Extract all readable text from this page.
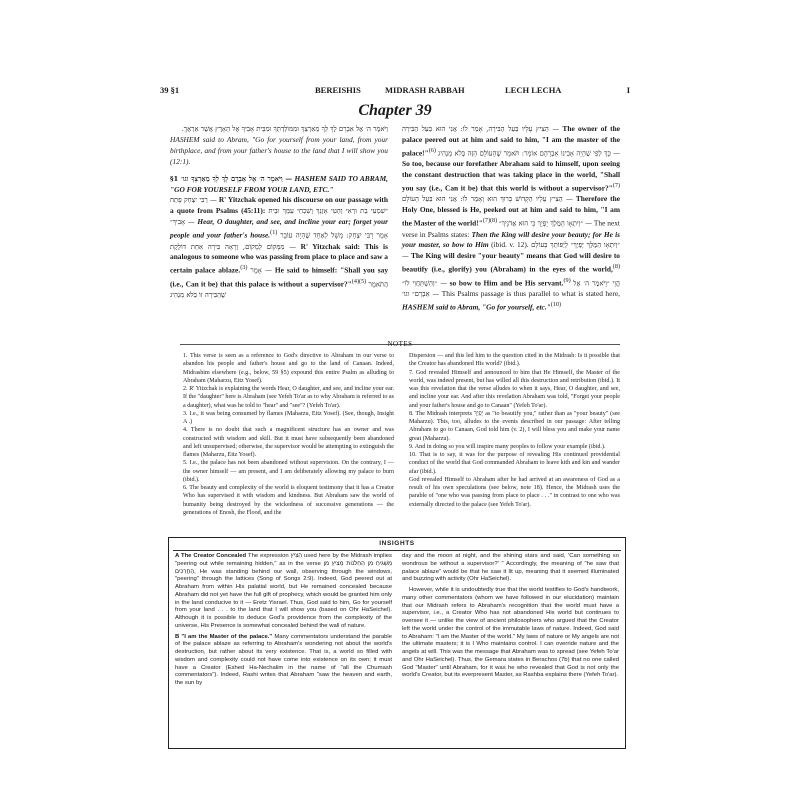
39 §1	BEREISHIS	MIDRASH RABBAH	LECH LECHA	I
Chapter 39
וַיֹּאמֶר ה׳ אֶל אַבְרָם לֶךְ לְךָ מֵאַרְצְךָ וּמִמּוֹלַדְתְּךָ וּמִבֵּית אָבִיךָ אֶל הָאָרֶץ אֲשֶׁר אַרְאֶךָּ.
HASHEM said to Abram, "Go for yourself from your land, from your birthplace, and from your father's house to the land that I will show you (12:1).
§1 וַיֹּאמֶר ה׳ אֶל אַבְרָם לֶךְ לְךָ מֵאַרְצְךָ וגו׳ — HASHEM SAID TO ABRAM, "GO FOR YOURSELF FROM YOUR LAND, ETC."
רַבִּי יִצְחָק פָּתַח — R' Yitzchak opened his discourse on our passage with a quote from Psalms (45:11): ״שִׁמְעִי בַת וּרְאִי וְהַטִּי אָזְנֵךְ וְשִׁכְחִי עַמֵּךְ וּבֵית אָבִיךְ״ — Hear, O daughter, and see, and incline your ear; forget your people and your father's house.$^{(1)}$ אָמַר רַבִּי יִצְחָק: מָשָׁל לְאֶחָד שֶׁהָיָה עוֹבֵר מִמָּקוֹם לְמָקוֹם, וְרָאָה בִּירָה אַחַת דּוֹלֶקֶת — R' Yitzchak said: This is analogous to someone who was passing from place to place and saw a certain palace ablaze.$^{(3)}$ אָמַר — He said to himself: "Shall you say (i.e., Can it be) that this palace is without a supervisor?"$^{(4)(5)}$ הֲתֹאמַר שֶׁהַבִּירָה זוֹ בְּלֹא מַנְהִיג
הֵצִיץ עָלָיו בַּעַל הַבִּירָה, אָמַר לוֹ: אֲנִי הוּא בַּעַל הַבִּירָה — The owner of the palace peered out at him and said to him, "I am the master of the palace!"$^{(6)}$ כָּךְ לְפִי שֶׁהָיָה אָבִינוּ אַבְרָהָם אוֹמֵר: תֹּאמַר שֶׁהָעוֹלָם הַזֶּה בְּלֹא מַנְהִיג — So too, because our forefather Abraham said to himself, upon seeing the constant destruction that was taking place in the world, "Shall you say (i.e., Can it be) that this world is without a supervisor?"$^{(7)}$ הֵצִיץ עָלָיו הַקָּדוֹשׁ בָּרוּךְ הוּא וְאָמַר לוֹ: אֲנִי הוּא בַּעַל הָעוֹלָם — Therefore the Holy One, blessed is He, peeked out at him and said to him, "I am the Master of the world!"$^{(7)(8)}$ ״וְיִתְאָו הַמֶּלֶךְ יָפְיֵךְ כִּי הוּא אֲדֹנַיִךְ״ — The next verse in Psalms states: Then the King will desire your beauty; for He is your master, so bow to Him (ibid. v. 12). ״וְיִתְאָו הַמֶּלֶךְ יָפְיֵךְ״ לְיַפּוֹתֵךְ בָּעוֹלָם — The King will desire "your beauty" means that God will desire to beautify (i.e., glorify) you (Abraham) in the eyes of the world,$^{(8)}$ ״וְהִשְׁתַּחֲוִי לוֹ״ — so bow to Him and be His servant.$^{(9)}$ הֱוֵי ״וַיֹּאמֶר ה׳ אֶל אַבְרָם״ וגו׳ — This Psalms passage is thus parallel to what is stated here, HASHEM said to Abram, "Go for yourself, etc."$^{(10)}$
NOTES

1. This verse is seen as a reference to God's directive to Abraham in our verse to abandon his people and father's house and go to the land of Canaan. Indeed, Midrashim elsewhere (e.g., below, 59 §5) expound this entire Psalm as alluding to Abraham (Maharzu, Eitz Yosef).

2. R' Yitzchak is explaining the words Hear, O daughter, and see, and incline your ear. If the "daughter" here is Abraham (see Yefeh To'ar as to why Abraham is referred to as a daughter), what was he told to "hear" and "see"? (Yefeh To'ar).

3. I.e., it was being consumed by flames (Maharzu, Eitz Yosef). (See, though, Insight A .)

4. There is no doubt that such a magnificent structure has an owner and was constructed with wisdom and skill. But it must have subsequently been abandoned and left unsupervised; otherwise, the supervisor would be attempting to extinguish the flames (Maharzu, Eitz Yosef).

5. I.e., the palace has not been abandoned without supervision. On the contrary, I — the owner himself — am present, and I am deliberately allowing my palace to burn (ibid.).

6. The beauty and complexity of the world is eloquent testimony that it has a Creator Who has supervised it with wisdom and kindness. But Abraham saw the world of humanity being destroyed by the wickedness of successive generations — the generations of Enosh, the Flood, and the

Dispersion — and this led him to the question cited in the Midrash: Is it possible that the Creator has abandoned His world? (ibid.).

7. God revealed Himself and announced to him that He Himself, the Master of the world, was indeed present, but has willed all this destruction and retribution (ibid.). It was this revelation that the verse alludes to when it says, Hear, O daughter, and see, and incline your ear. And after this revelation Abraham was told, "Forget your people and your father's house and go to Canaan" (Yefeh To'ar).

8. The Midrash interprets יָפְיֵךְ as "to beautify you," rather than as "your beauty" (see Maharzu). This, too, alludes to the events described in our passage: After telling Abraham to go to Canaan, God told him (v. 2), I will bless you and make your name great (Maharzu).

9. And in doing so you will inspire many peoples to follow your example (ibid.).

10. That is to say, it was for the purpose of revealing His continued providential conduct of the world that God commanded Abraham to leave kith and kin and wander afar (ibid.).

God revealed Himself to Abraham after he had arrived at an awareness of God as a result of his own speculations (see below, note 18). Hence, the Midrash uses the parable of "one who was passing from place to place . . ." in contrast to one who was externally directed to the palace (see Yefeh To'ar).

INSIGHTS

A The Creator Concealed The expression הֵצִיץ used here by the Midrash implies "peering out while remaining hidden," as in the verse מַשְׁגִּיחַ מִן הַחַלֹּנוֹת מֵצִיץ מִן הַחֲרַכִּים, He was standing behind our wall, observing through the windows, "peering" through the lattices (Song of Songs 2:9). Indeed, God peered out at Abraham from within His palatial world, but He remained concealed because Abraham did not yet have the full gift of prophecy, which would be granted him only in the land conducive to it — Eretz Yisrael. Thus, God said to him, Go for yourself from your land . . . to the land that I will show you (based on Ohr HaSeichel). Although it is possible to deduce God's providence from the complexity of the universe, His Presence is somewhat concealed behind the wall of nature.

B "I am the Master of the palace." Many commentators understand the parable of the palace ablaze as referring to Abraham's wondering not about the world's destruction, but rather about its very existence. That is, a world so filled with wisdom and complexity could not have come into existence on its own; it must have a Creator (Eshed Ha-Nechalim in the name of "all the Chumash commentators"). Indeed, Rashi writes that Abraham "saw the heaven and earth, the sun by

day and the moon at night, and the shining stars and said, 'Can something so wondrous be without a supervisor?' " Accordingly, the meaning of "he saw that palace ablaze" would be that he saw it lit up, meaning that it seemed illuminated and buzzing with activity (Ohr HaSeichel).

However, while it is undoubtedly true that the world testifies to God's handiwork, many other commentators (whom we have followed in our elucidation) maintain that our Midrash refers to Abraham's recognition that the world must have a supervisor, i.e., a Creator Who has not abandoned His world but continues to oversee it — unlike the view of ancient philosophers who argued that the Creator left the world under the control of the immutable laws of nature. Indeed, God said to Abraham: "I am the Master of the world." My laws of nature or My angels are not the ultimate masters; it is I Who maintains control. I can override nature and the angels at will. This was the message that Abraham was to spread (see Yefeh To'ar and Ohr HaSeichel). Thus, the Gemara states in Berachos (7b) that no one called God "Master" until Abraham, for it was he who revealed that God is not only the world's Creator, but its everpresent Master, as Rashba explains there (Yefeh To'ar).
